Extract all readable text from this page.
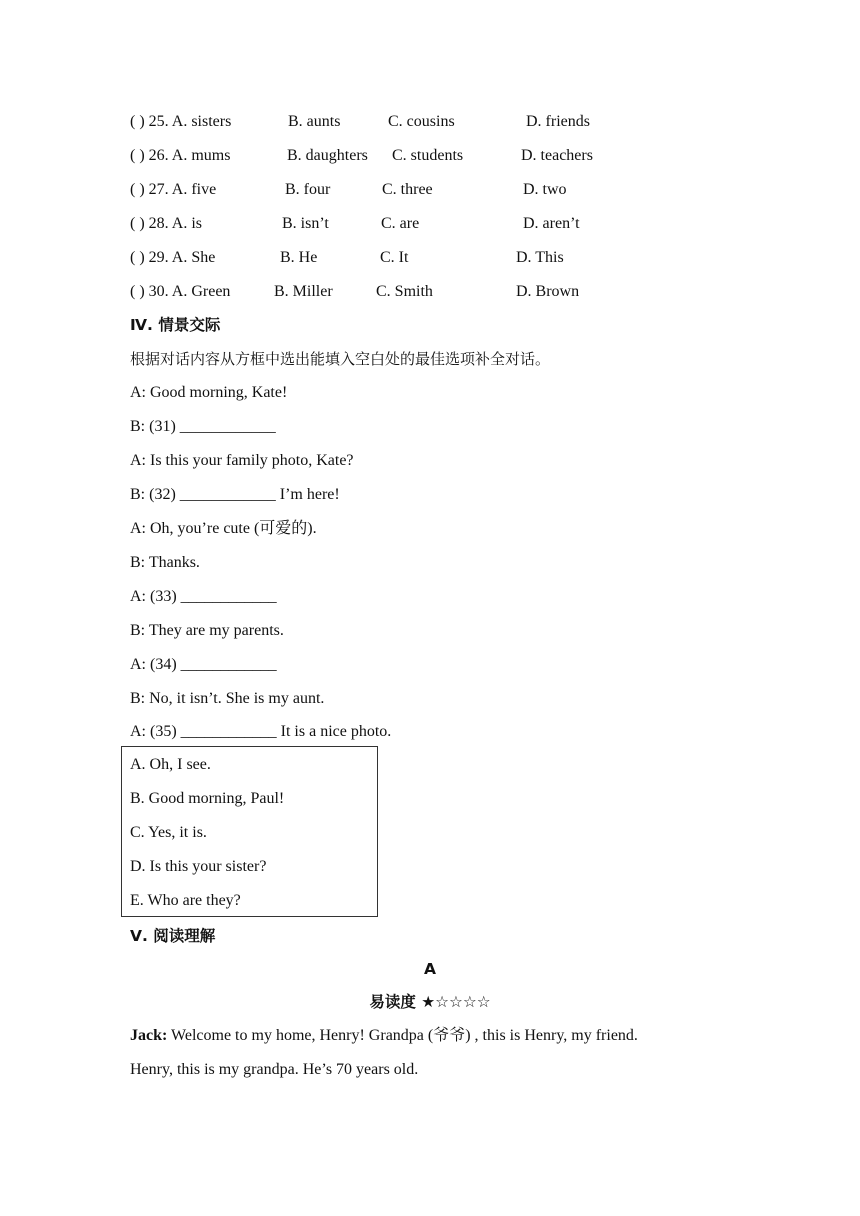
( ) 25. A. sisters	B. aunts	C. cousins	D. friends
( ) 26. A. mums	B. daughters C. students	D. teachers
( ) 27. A. five	B. four	C. three	D. two
( ) 28. A. is	B. isn’t	C. are	D. aren’t
( ) 29. A. She	B. He	C. It	D. This
( ) 30. A. Green	B. Miller	C. Smith	D. Brown
Ⅳ. 情景交际
根据对话内容从方框中选出能填入空白处的最佳选项补全对话。
A: Good morning, Kate!
B: (31) ____________
A: Is this your family photo, Kate?
B: (32) ____________ I’m here!
A: Oh, you’re cute (可爱的).
B: Thanks.
A: (33) ____________
B: They are my parents.
A: (34) ____________
B: No, it isn’t. She is my aunt.
A: (35) ____________ It is a nice photo.
A. Oh, I see.
B. Good morning, Paul!
C. Yes, it is.
D. Is this your sister?
E. Who are they?
Ⅴ. 阅读理解
A
易读度 ★☆☆☆☆
Jack: Welcome to my home, Henry! Grandpa (爷爷) , this is Henry, my friend.
Henry, this is my grandpa. He’s 70 years old.
